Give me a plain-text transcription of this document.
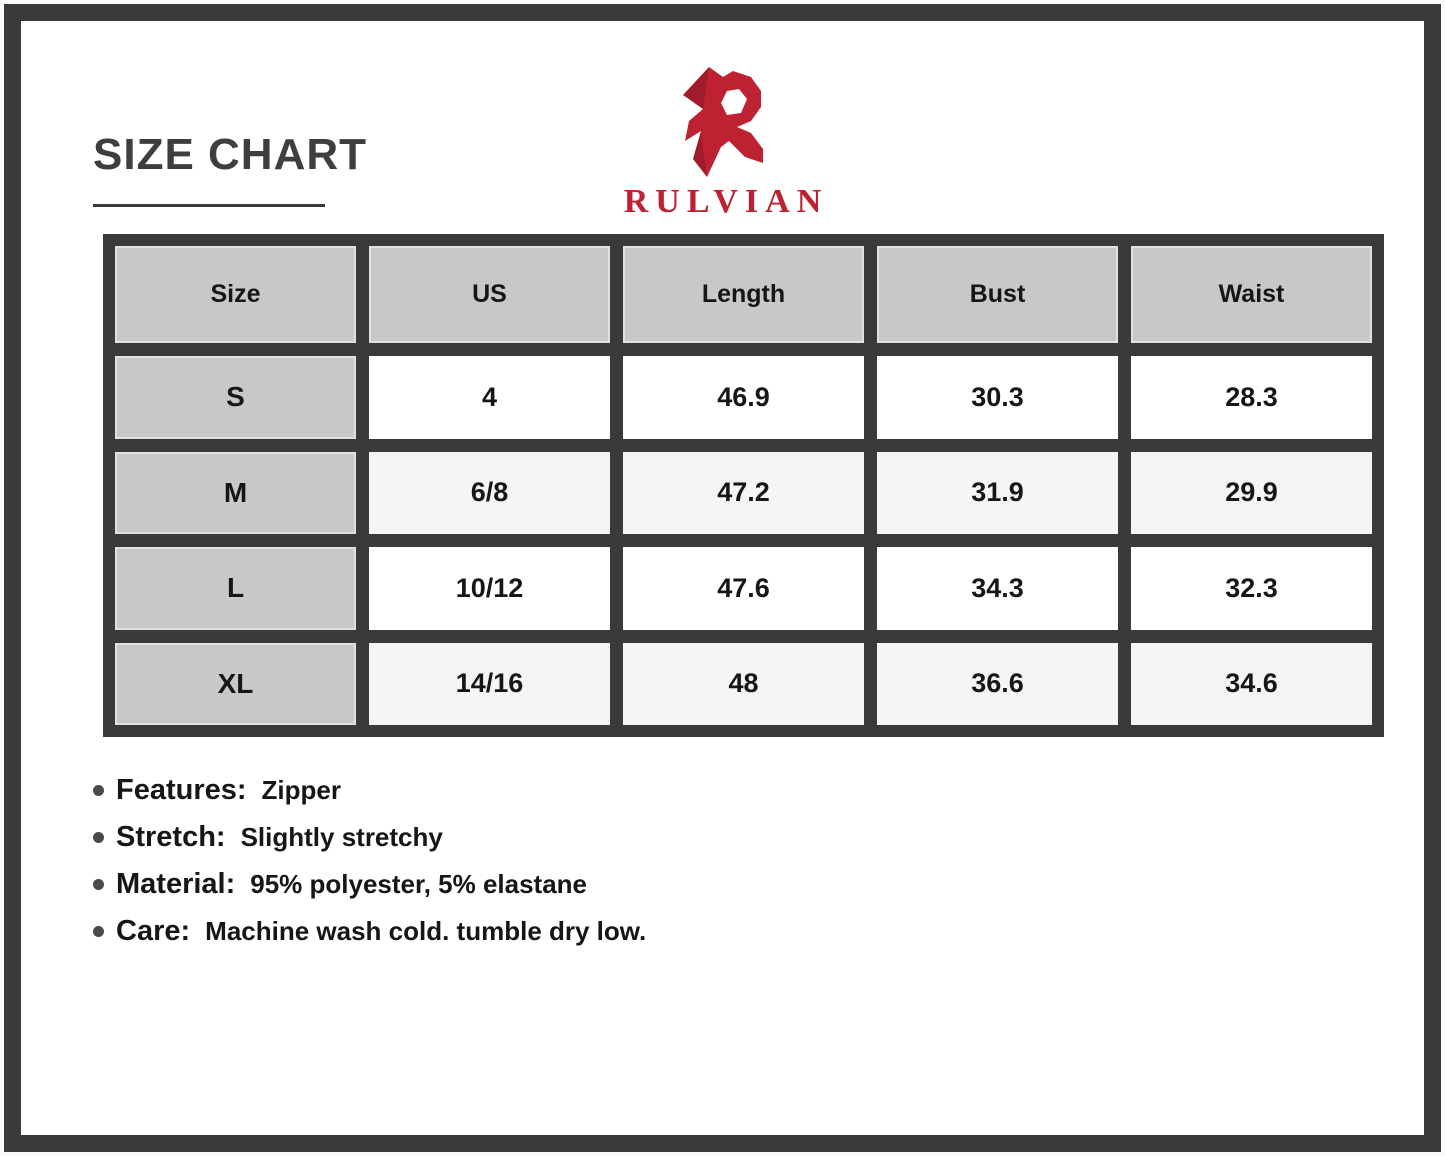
SIZE CHART
RULVIAN
Size	US	Length	Bust	Waist
S	4	46.9	30.3	28.3
M	6/8	47.2	31.9	29.9
L	10/12	47.6	34.3	32.3
XL	14/16	48	36.6	34.6
Features: Zipper
Stretch: Slightly stretchy
Material: 95% polyester, 5% elastane
Care: Machine wash cold. tumble dry low.
